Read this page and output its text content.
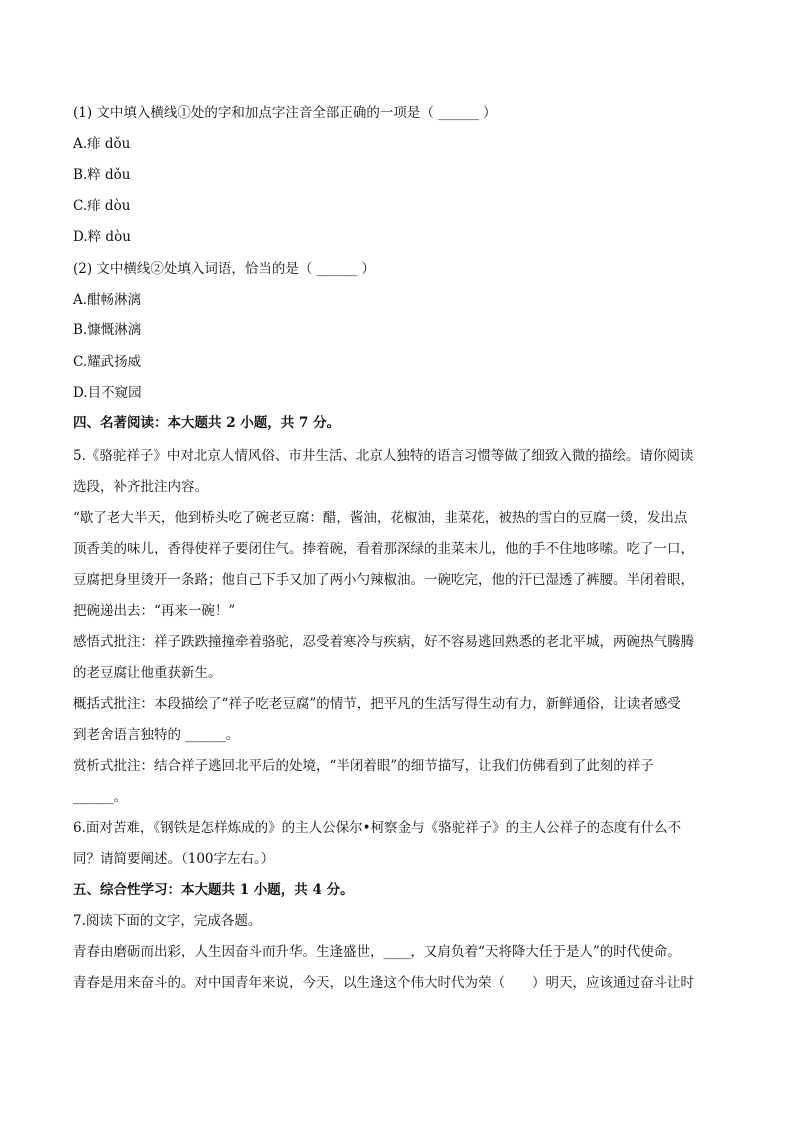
(1) 文中填入横线①处的字和加点字注音全部正确的一项是（ ______ ）
A.痱 dǒu
B.粹 dǒu
C.痱 dòu
D.粹 dòu
(2) 文中横线②处填入词语，恰当的是（ ______ ）
A.酣畅淋漓
B.慷慨淋漓
C.耀武扬威
D.目不窥园
四、名著阅读：本大题共 2 小题，共 7 分。
5.《骆驼祥子》中对北京人情风俗、市井生活、北京人独特的语言习惯等做了细致入微的描绘。请你阅读
选段，补齐批注内容。
“歇了老大半天，他到桥头吃了碗老豆腐：醋，酱油，花椒油，韭菜花，被热的雪白的豆腐一烫，发出点
顶香美的味儿，香得使祥子要闭住气。捧着碗，看着那深绿的韭菜末儿，他的手不住地哆嗦。吃了一口，
豆腐把身里烫开一条路；他自己下手又加了两小勺辣椒油。一碗吃完，他的汗已湿透了裤腰。半闭着眼，
把碗递出去：“再来一碗！”
感悟式批注：祥子跌跌撞撞牵着骆驼，忍受着寒冷与疾病，好不容易逃回熟悉的老北平城，两碗热气腾腾
的老豆腐让他重获新生。
概括式批注：本段描绘了“祥子吃老豆腐”的情节，把平凡的生活写得生动有力，新鲜通俗，让读者感受
到老舍语言独特的 ______。
赏析式批注：结合祥子逃回北平后的处境，“半闭着眼”的细节描写，让我们仿佛看到了此刻的祥子
______。
6.面对苦难，《钢铁是怎样炼成的》的主人公保尔•柯察金与《骆驼祥子》的主人公祥子的态度有什么不
同？请简要阐述。（100字左右。）
五、综合性学习：本大题共 1 小题，共 4 分。
7.阅读下面的文字，完成各题。
青春由磨砺而出彩，人生因奋斗而升华。生逢盛世，____，又肩负着“天将降大任于是人”的时代使命。
青春是用来奋斗的。对中国青年来说，今天，以生逢这个伟大时代为荣（　　）明天，应该通过奋斗让时
